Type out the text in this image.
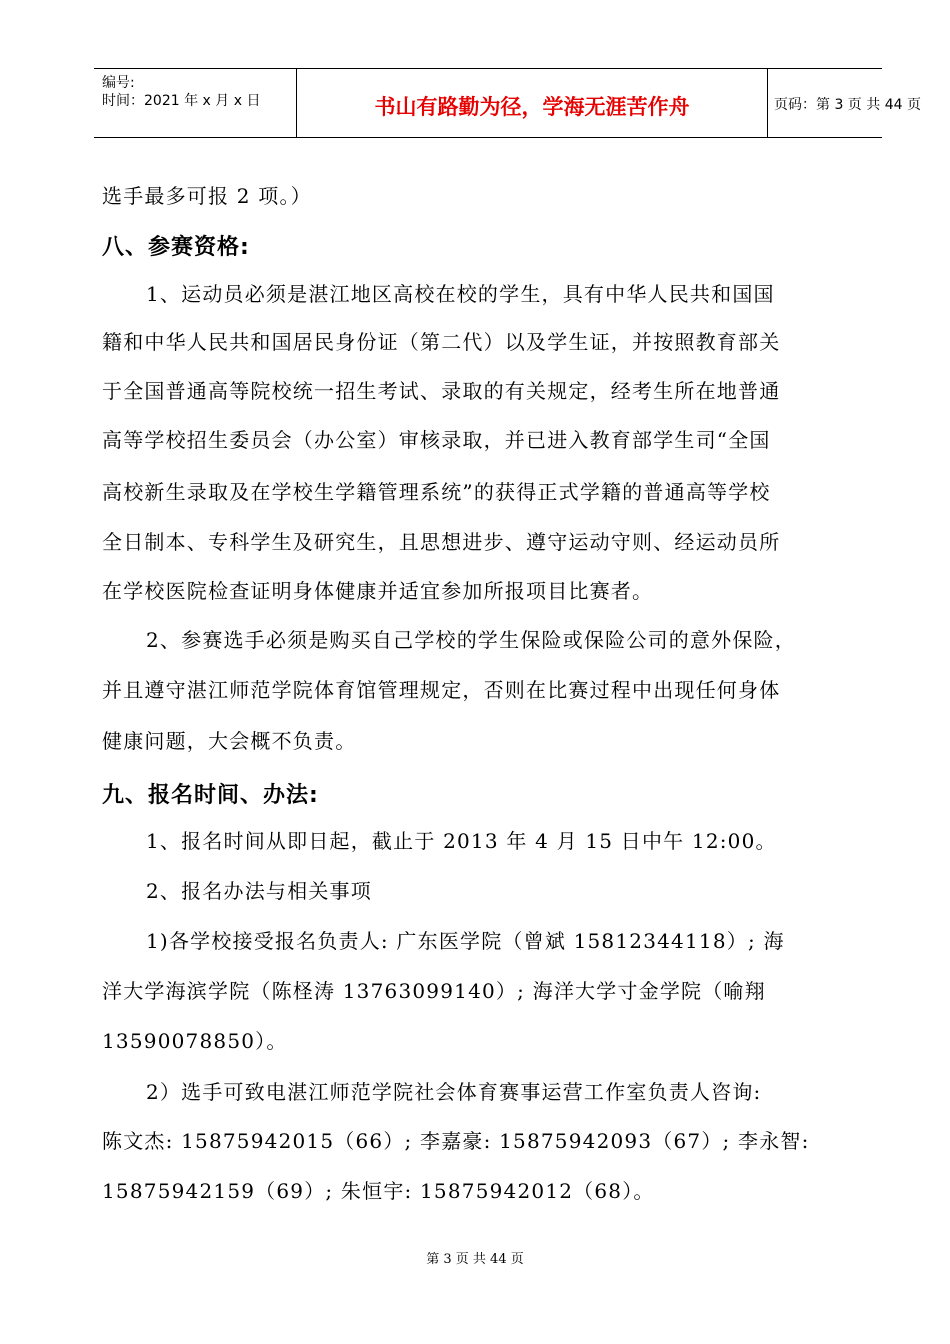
编号:
时间：2021 年 x 月 x 日	书山有路勤为径，学海无涯苦作舟	页码：第 3 页 共 44 页
选手最多可报 2 项。）
八、参赛资格:
1、运动员必须是湛江地区高校在校的学生，具有中华人民共和国国
籍和中华人民共和国居民身份证（第二代）以及学生证，并按照教育部关
于全国普通高等院校统一招生考试、录取的有关规定，经考生所在地普通
高等学校招生委员会（办公室）审核录取，并已进入教育部学生司“全国
高校新生录取及在学校生学籍管理系统”的获得正式学籍的普通高等学校
全日制本、专科学生及研究生，且思想进步、遵守运动守则、经运动员所
在学校医院检查证明身体健康并适宜参加所报项目比赛者。
2、参赛选手必须是购买自己学校的学生保险或保险公司的意外保险，
并且遵守湛江师范学院体育馆管理规定，否则在比赛过程中出现任何身体
健康问题，大会概不负责。
九、报名时间、办法:
1、报名时间从即日起，截止于 2013 年 4 月 15 日中午 12:00。
2、报名办法与相关事项
1)各学校接受报名负责人: 广东医学院（曾斌 15812344118）; 海
洋大学海滨学院（陈柽涛 13763099140）; 海洋大学寸金学院（喻翔
13590078850）。
2）选手可致电湛江师范学院社会体育赛事运营工作室负责人咨询:
陈文杰: 15875942015（66）; 李嘉豪: 15875942093（67）; 李永智:
15875942159（69）; 朱恒宇: 15875942012（68）。
第 3 页 共 44 页
